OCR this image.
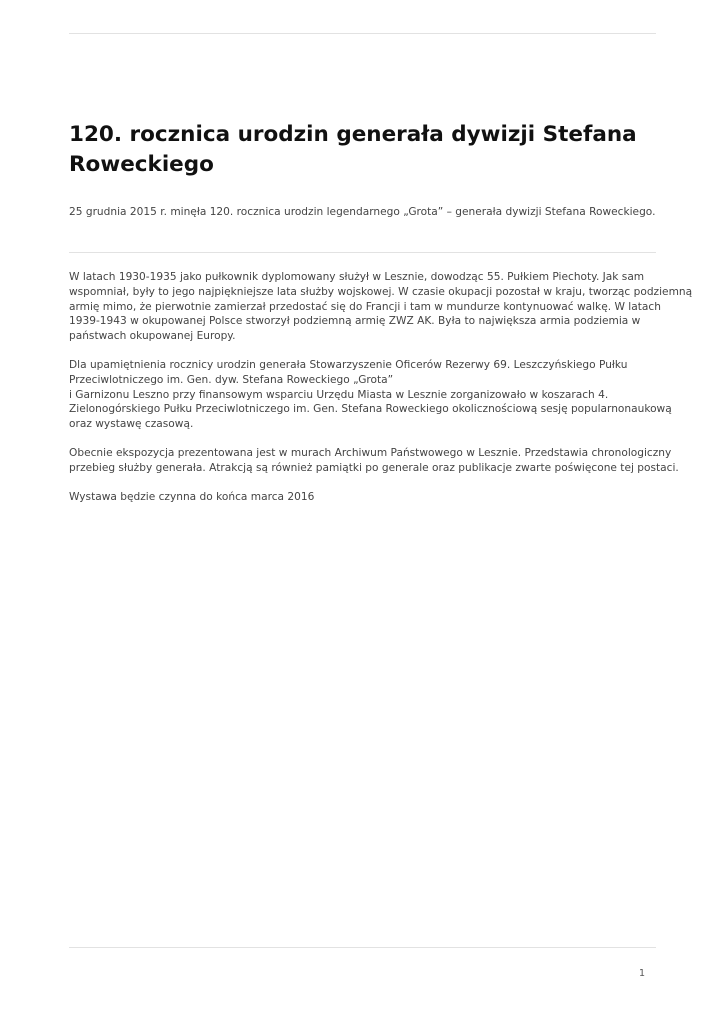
120. rocznica urodzin generała dywizji Stefana
Roweckiego

25 grudnia 2015 r. minęła 120. rocznica urodzin legendarnego „Grota” – generała dywizji Stefana Roweckiego.

W latach 1930-1935 jako pułkownik dyplomowany służył w Lesznie, dowodząc 55. Pułkiem Piechoty. Jak sam
wspomniał, były to jego najpiękniejsze lata służby wojskowej. W czasie okupacji pozostał w kraju, tworząc podziemną
armię mimo, że pierwotnie zamierzał przedostać się do Francji i tam w mundurze kontynuować walkę. W latach
1939-1943 w okupowanej Polsce stworzył podziemną armię ZWZ AK. Była to największa armia podziemia w
państwach okupowanej Europy.

Dla upamiętnienia rocznicy urodzin generała Stowarzyszenie Oficerów Rezerwy 69. Leszczyńskiego Pułku
Przeciwlotniczego im. Gen. dyw. Stefana Roweckiego „Grota”
i Garnizonu Leszno przy finansowym wsparciu Urzędu Miasta w Lesznie zorganizowało w koszarach 4.
Zielonogórskiego Pułku Przeciwlotniczego im. Gen. Stefana Roweckiego okolicznościową sesję popularnonaukową
oraz wystawę czasową.

Obecnie ekspozycja prezentowana jest w murach Archiwum Państwowego w Lesznie. Przedstawia chronologiczny
przebieg służby generała. Atrakcją są również pamiątki po generale oraz publikacje zwarte poświęcone tej postaci.

Wystawa będzie czynna do końca marca 2016

1
